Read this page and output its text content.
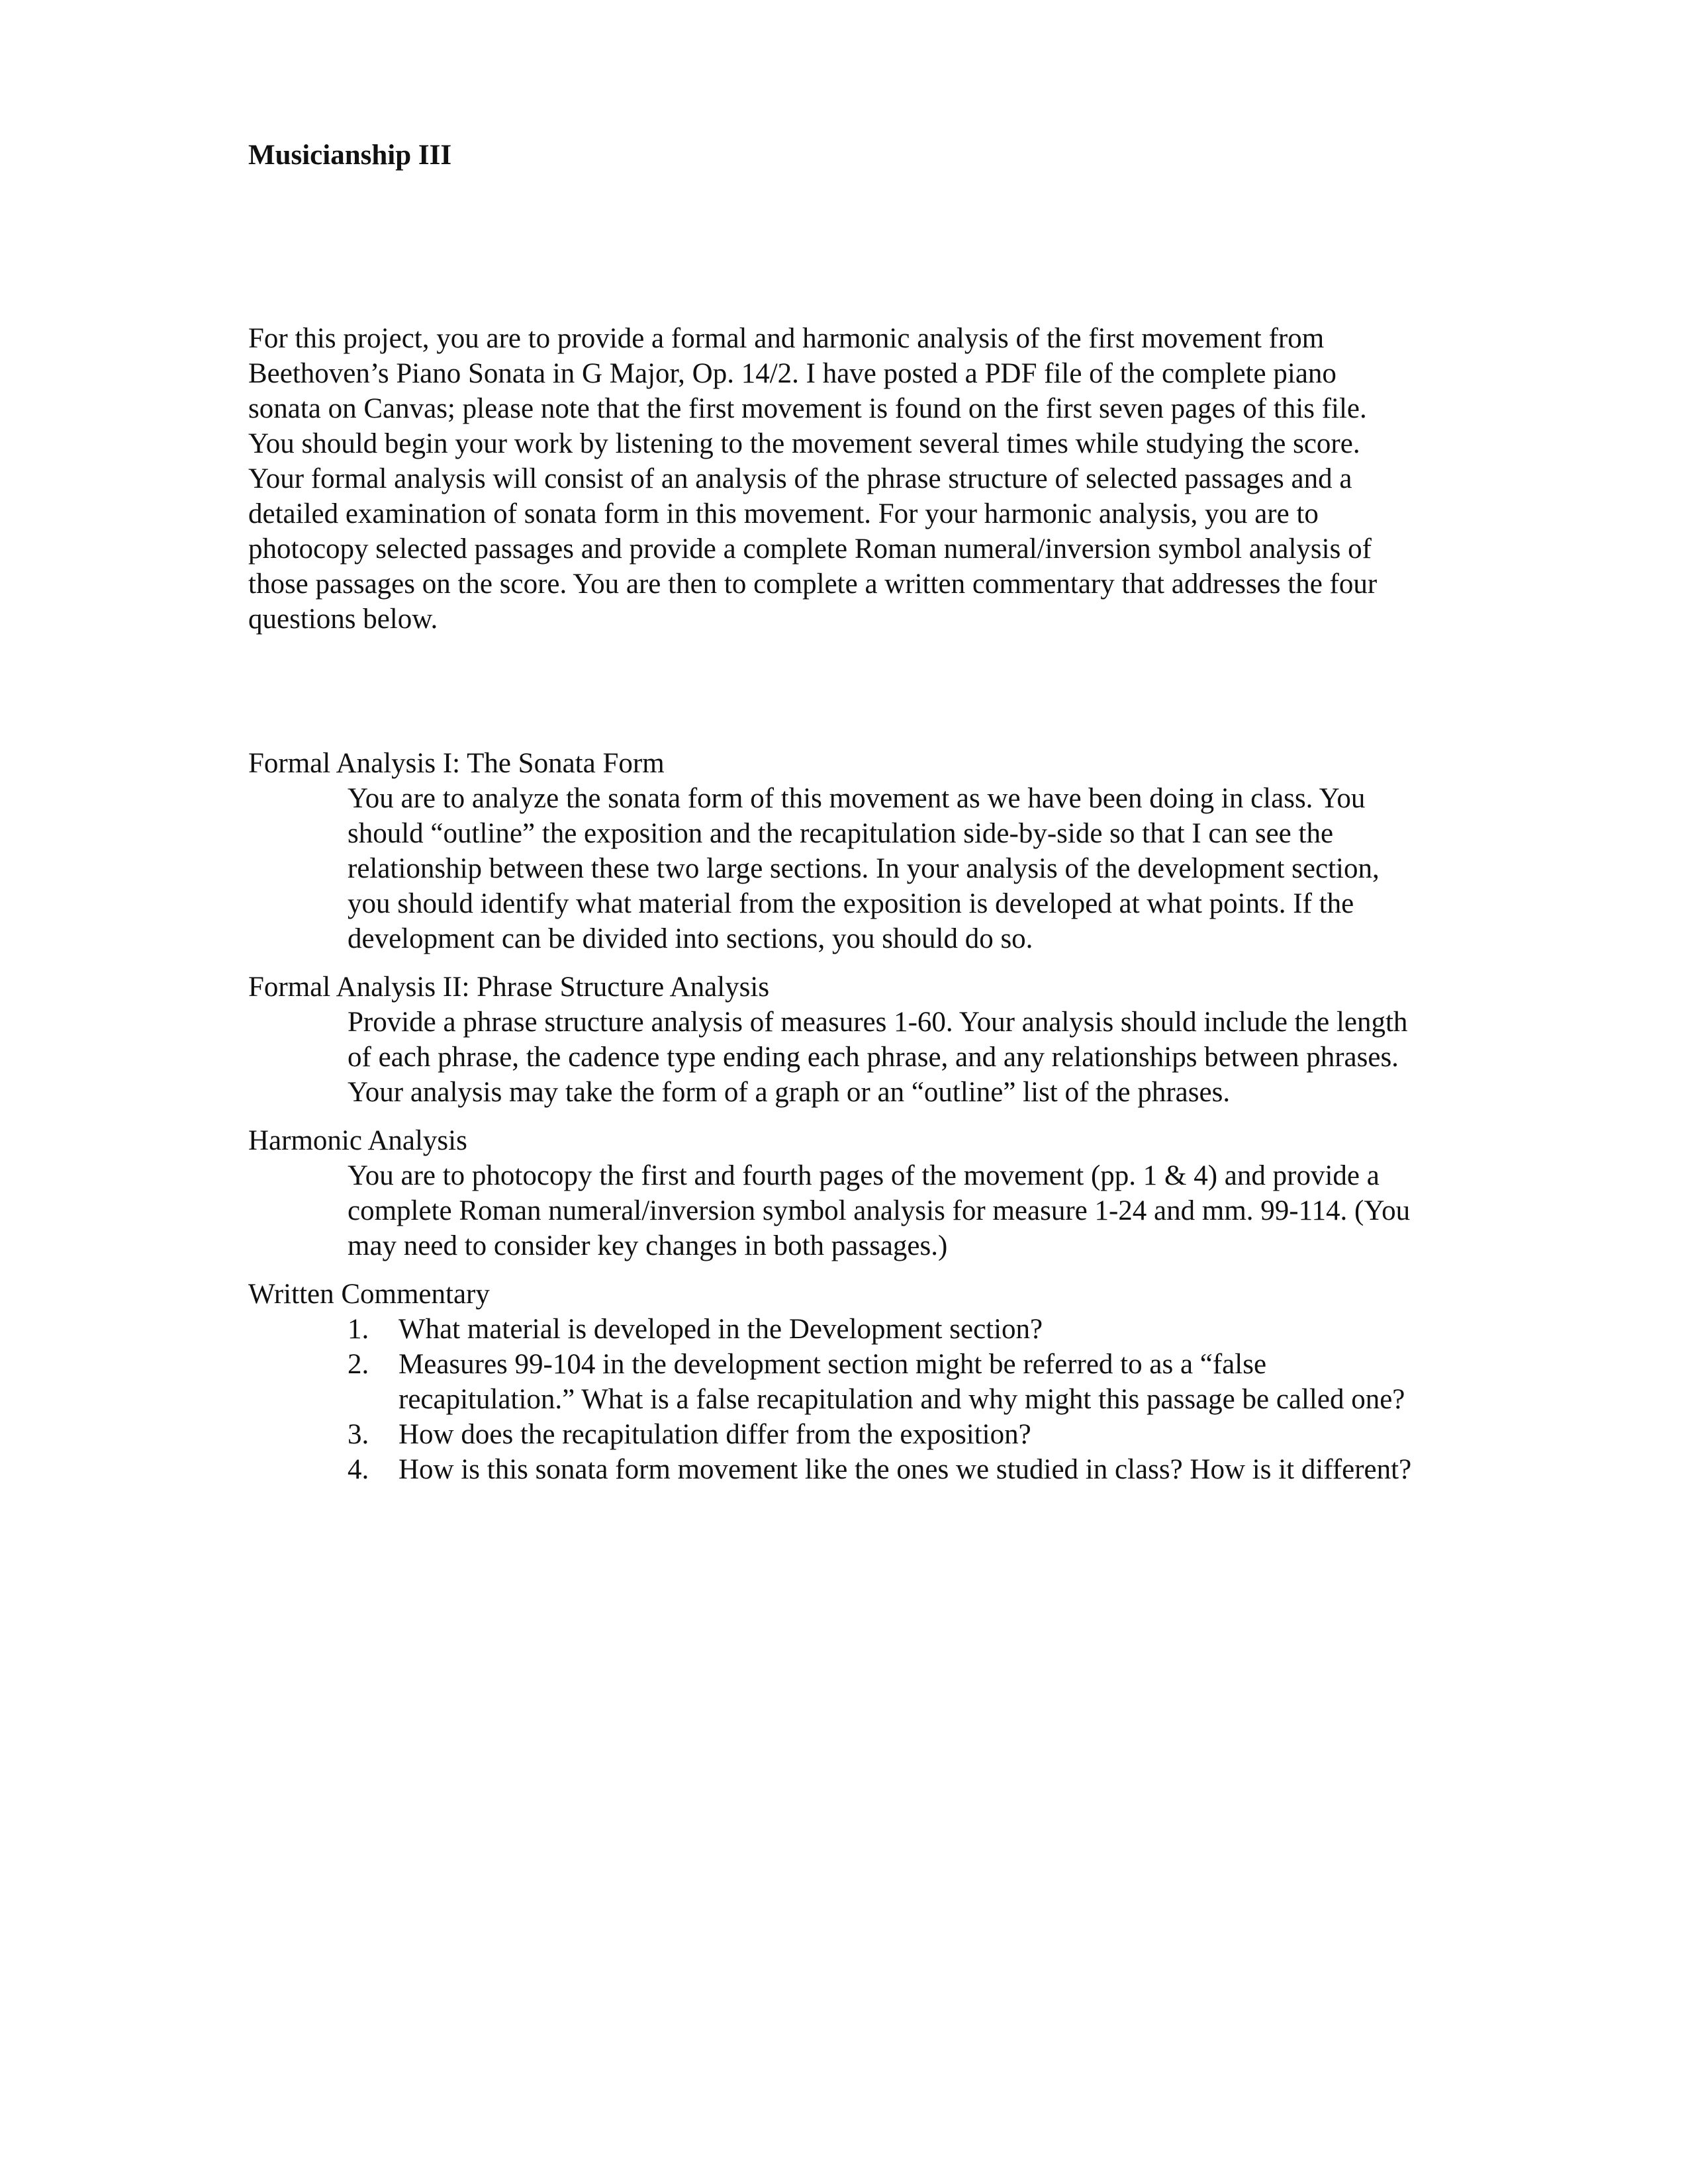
Musicianship III

For this project, you are to provide a formal and harmonic analysis of the first movement from Beethoven’s Piano Sonata in G Major, Op. 14/2. I have posted a PDF file of the complete piano sonata on Canvas; please note that the first movement is found on the first seven pages of this file. You should begin your work by listening to the movement several times while studying the score. Your formal analysis will consist of an analysis of the phrase structure of selected passages and a detailed examination of sonata form in this movement. For your harmonic analysis, you are to photocopy selected passages and provide a complete Roman numeral/inversion symbol analysis of those passages on the score. You are then to complete a written commentary that addresses the four questions below.

Formal Analysis I: The Sonata Form
You are to analyze the sonata form of this movement as we have been doing in class. You should “outline” the exposition and the recapitulation side-by-side so that I can see the relationship between these two large sections. In your analysis of the development section, you should identify what material from the exposition is developed at what points. If the development can be divided into sections, you should do so.
Formal Analysis II: Phrase Structure Analysis
Provide a phrase structure analysis of measures 1-60. Your analysis should include the length of each phrase, the cadence type ending each phrase, and any relationships between phrases. Your analysis may take the form of a graph or an “outline” list of the phrases.
Harmonic Analysis
You are to photocopy the first and fourth pages of the movement (pp. 1 & 4) and provide a complete Roman numeral/inversion symbol analysis for measure 1-24 and mm. 99-114. (You may need to consider key changes in both passages.)
Written Commentary
1. What material is developed in the Development section?
2. Measures 99-104 in the development section might be referred to as a “false recapitulation.” What is a false recapitulation and why might this passage be called one?
3. How does the recapitulation differ from the exposition?
4. How is this sonata form movement like the ones we studied in class? How is it different?
